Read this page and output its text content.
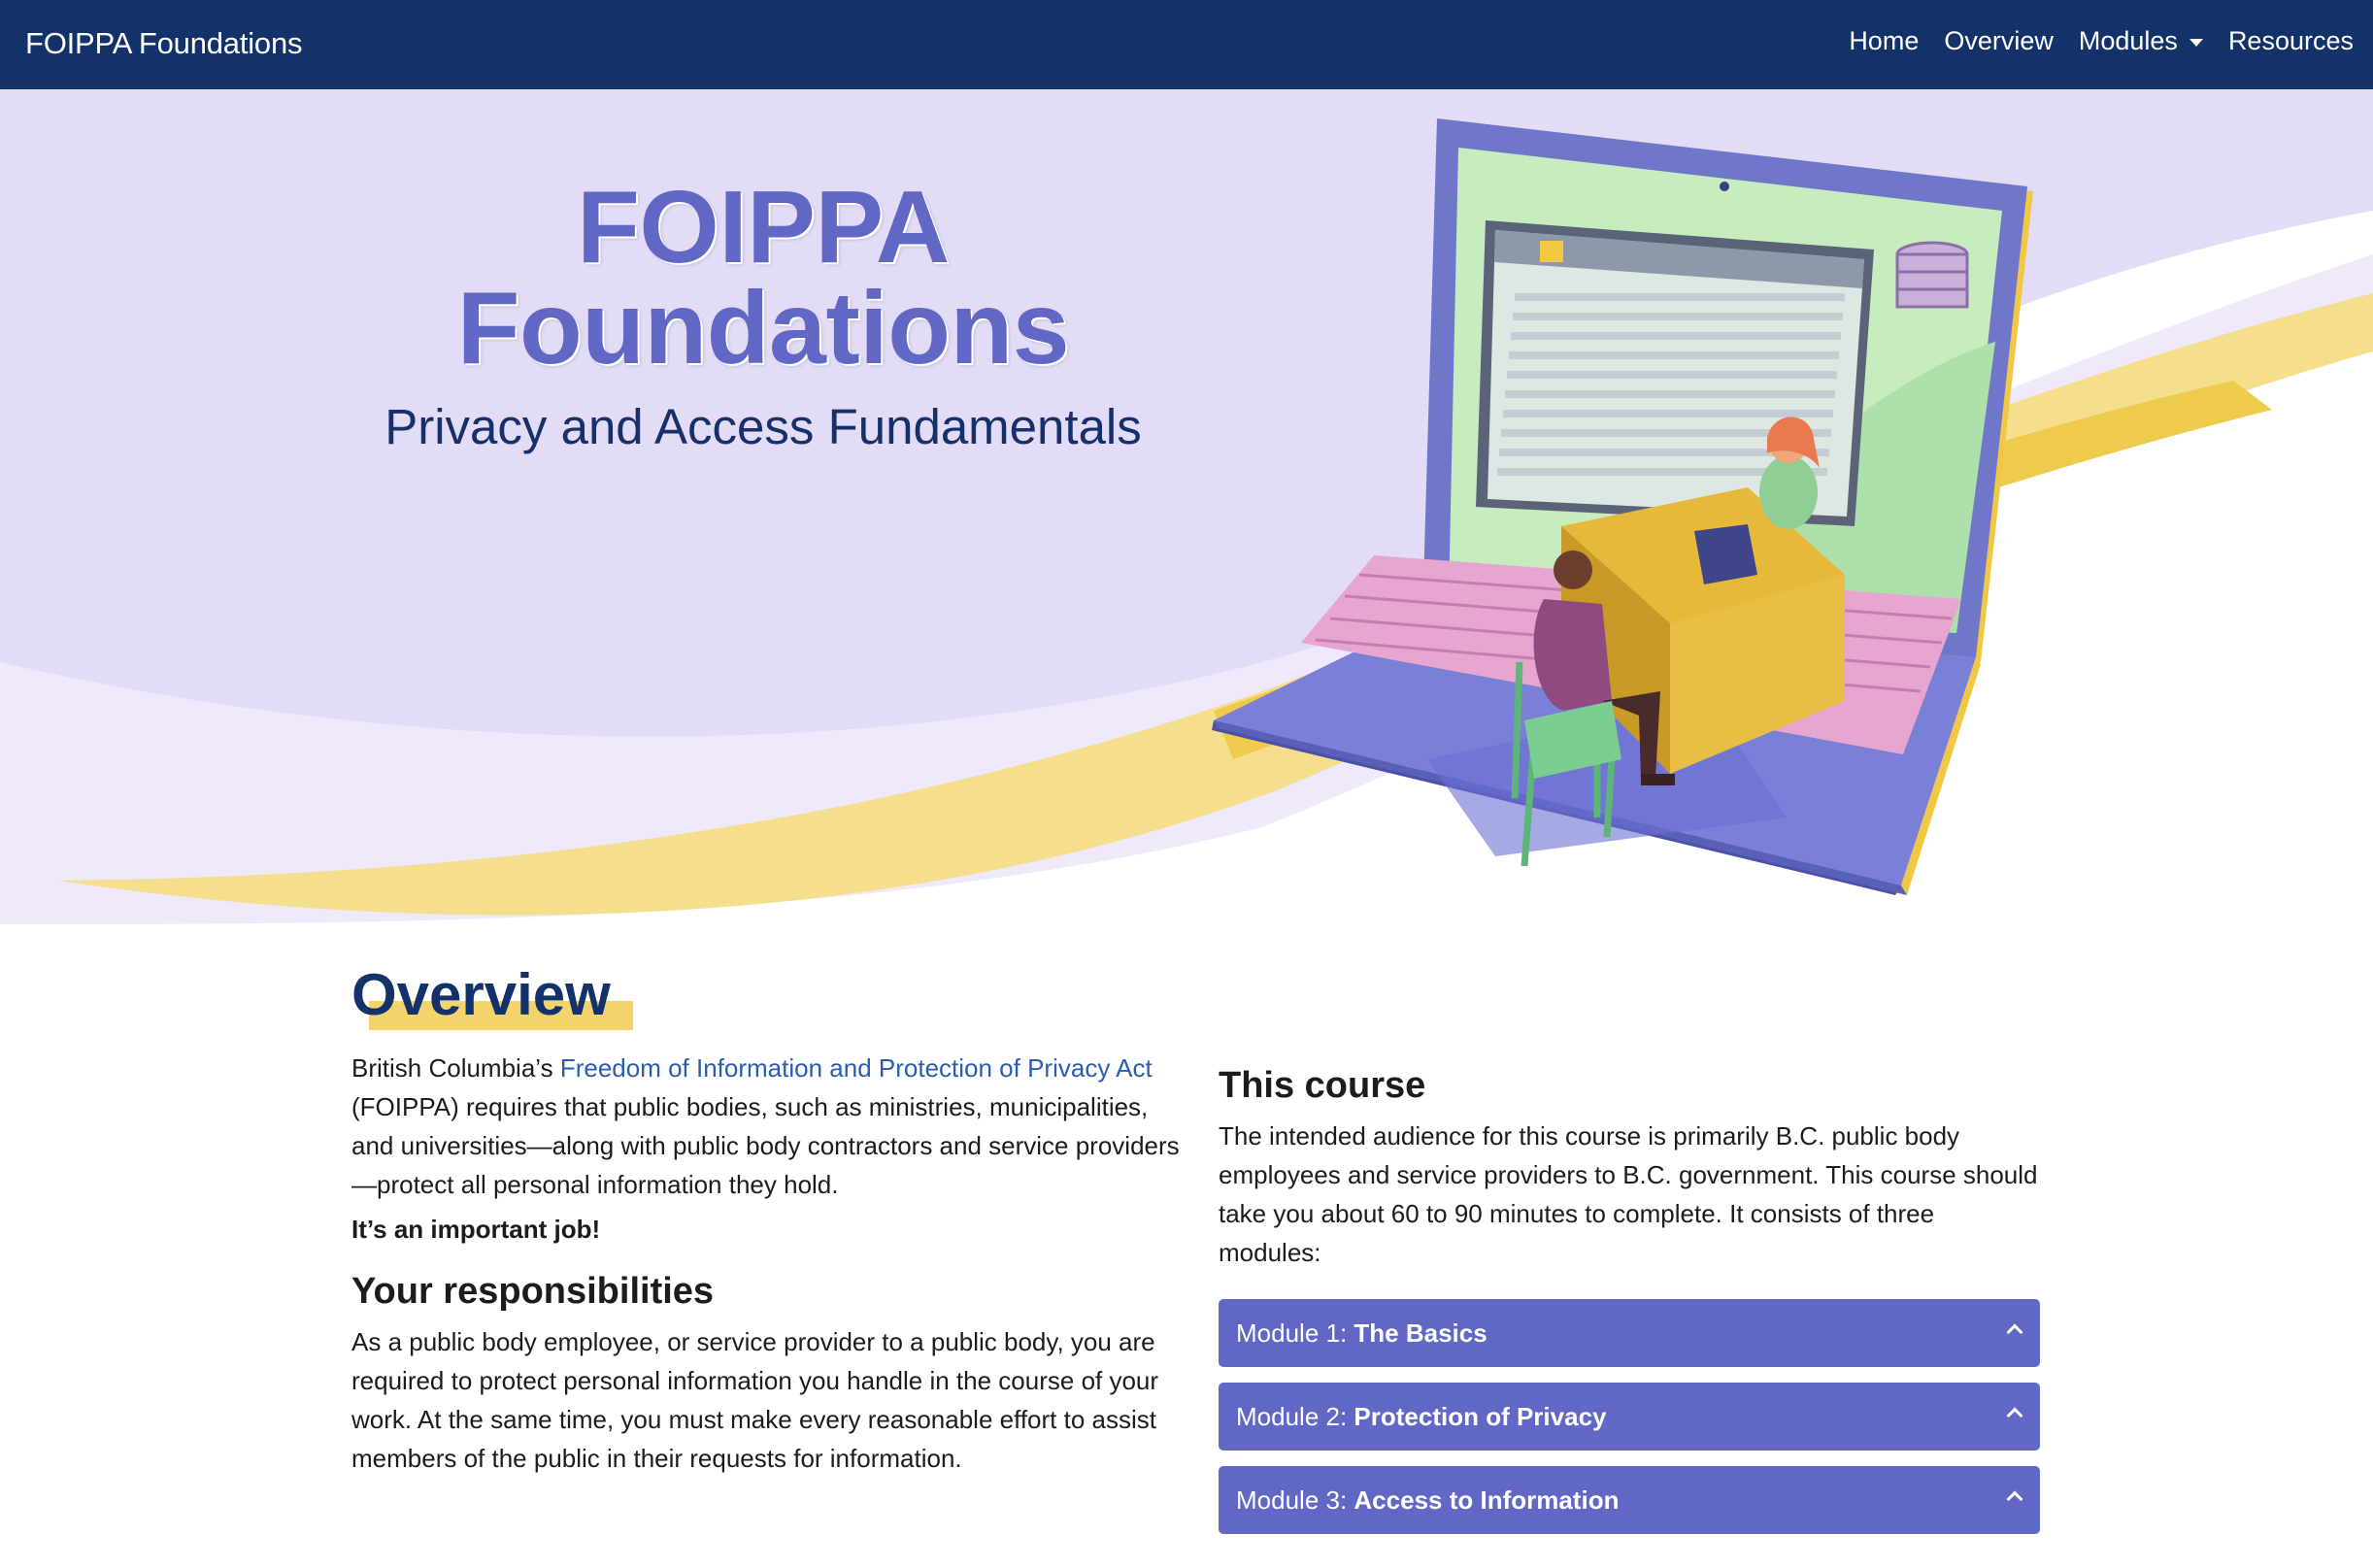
FOIPPA Foundations	Home Overview Modules Resources
FOIPPA
Foundations
Privacy and Access Fundamentals
Overview

British Columbia’s Freedom of Information and Protection of Privacy Act (FOIPPA) requires that public bodies, such as ministries, municipalities, and universities—along with public body contractors and service providers—protect all personal information they hold.

It’s an important job!

Your responsibilities

As a public body employee, or service provider to a public body, you are required to protect personal information you handle in the course of your work. At the same time, you must make every reasonable effort to assist members of the public in their requests for information.

This course

The intended audience for this course is primarily B.C. public body employees and service providers to B.C. government. This course should take you about 60 to 90 minutes to complete. It consists of three modules:

Module 1: The Basics
Module 2: Protection of Privacy
Module 3: Access to Information
